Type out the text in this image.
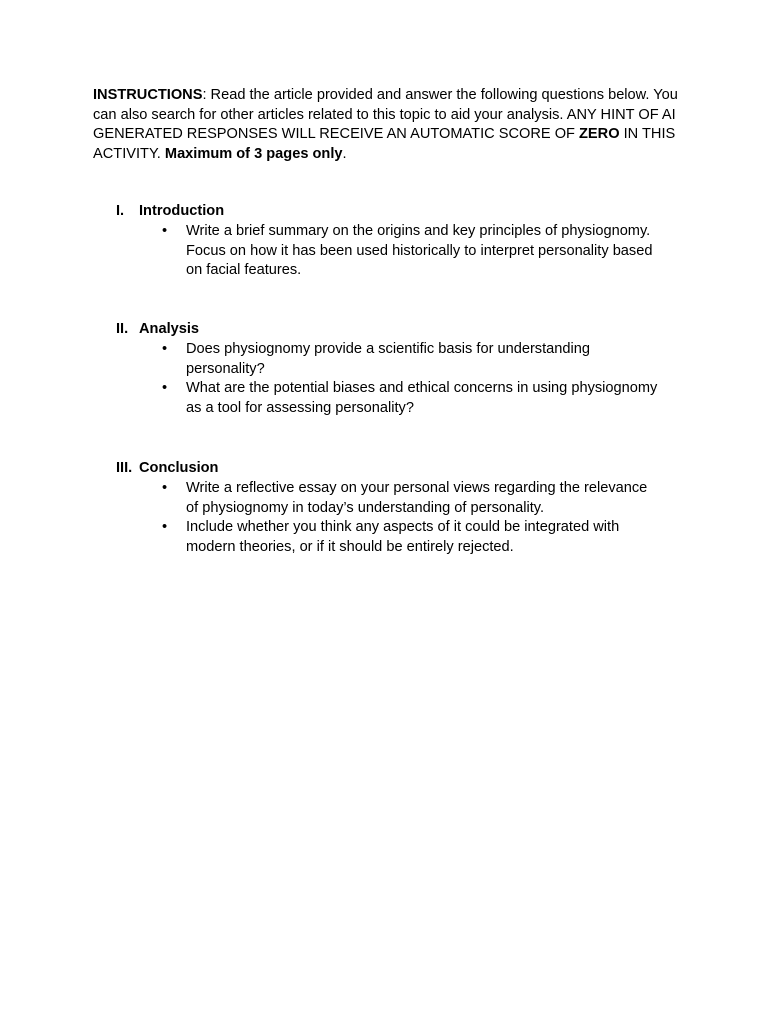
INSTRUCTIONS: Read the article provided and answer the following questions below. You can also search for other articles related to this topic to aid your analysis. ANY HINT OF AI GENERATED RESPONSES WILL RECEIVE AN AUTOMATIC SCORE OF ZERO IN THIS ACTIVITY. Maximum of 3 pages only.

I. Introduction
• Write a brief summary on the origins and key principles of physiognomy. Focus on how it has been used historically to interpret personality based on facial features.
II. Analysis
• Does physiognomy provide a scientific basis for understanding personality?
• What are the potential biases and ethical concerns in using physiognomy as a tool for assessing personality?
III. Conclusion
• Write a reflective essay on your personal views regarding the relevance of physiognomy in today’s understanding of personality.
• Include whether you think any aspects of it could be integrated with modern theories, or if it should be entirely rejected.
